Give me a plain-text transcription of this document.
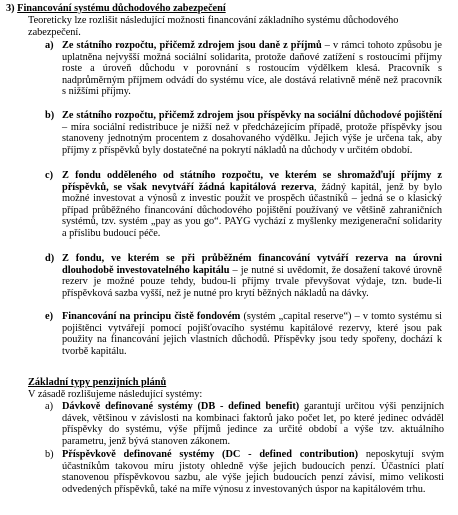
3) Financování systému důchodového zabezpečení
Teoreticky lze rozlišit následující možnosti financování základního systému důchodového zabezpečení.
a) Ze státního rozpočtu, přičemž zdrojem jsou daně z příjmů – v rámci tohoto způsobu je uplatněna nejvyšší možná sociální solidarita, protože daňové zatížení s rostoucími příjmy roste a úroveň důchodu v porovnání s rostoucím výdělkem klesá. Pracovník s nadprůměrným příjmem odvádí do systému více, ale dostává relativně méně než pracovník s nižšími příjmy.
b) Ze státního rozpočtu, přičemž zdrojem jsou příspěvky na sociální důchodové pojištění – míra sociální redistribuce je nižší než v předcházejícím případě, protože příspěvky jsou stanoveny jednotným procentem z dosahovaného výdělku. Jejich výše je určena tak, aby příjmy z příspěvků byly dostatečné na pokrytí nákladů na důchody v určitém období.
c) Z fondu odděleného od státního rozpočtu, ve kterém se shromažďují příjmy z příspěvků, se však nevytváří žádná kapitálová rezerva, žádný kapitál, jenž by bylo možné investovat a výnosů z investic použít ve prospěch účastníků – jedná se o klasický případ průběžného financování důchodového pojištění používaný ve většině zahraničních systémů, tzv. systém „pay as you go“. PAYG vychází z myšlenky mezigenerační solidarity a příslibu budoucí péče.
d) Z fondu, ve kterém se při průběžném financování vytváří rezerva na úrovni dlouhodobě investovatelného kapitálu – je nutné si uvědomit, že dosažení takové úrovně rezerv je možné pouze tehdy, budou-li příjmy trvale převyšovat výdaje, tzn. bude-li příspěvková sazba vyšší, než je nutné pro krytí běžných nákladů na dávky.
e) Financování na principu čistě fondovém (systém „capital reserve“) – v tomto systému si pojištěnci vytvářejí pomocí pojišťovacího systému kapitálové rezervy, které jsou pak použity na financování jejich vlastních důchodů. Příspěvky jsou tedy spořeny, dochází k tvorbě kapitálu.
Základní typy penzijních plánů
V zásadě rozlišujeme následující systémy:
a) Dávkově definované systémy (DB - defined benefit) garantují určitou výši penzijních dávek, většinou v závislosti na kombinaci faktorů jako počet let, po které jedinec odváděl příspěvky do systému, výše příjmů jedince za určité období a výše tzv. aktuálního parametru, jenž bývá stanoven zákonem.
b) Příspěvkově definované systémy (DC - defined contribution) neposkytují svým účastníkům takovou míru jistoty ohledně výše jejich budoucích penzí. Účastníci platí stanovenou příspěvkovou sazbu, ale výše jejich budoucích penzí závisí, mimo velikosti odvedených příspěvků, také na míře výnosu z investovaných úspor na kapitálovém trhu.
